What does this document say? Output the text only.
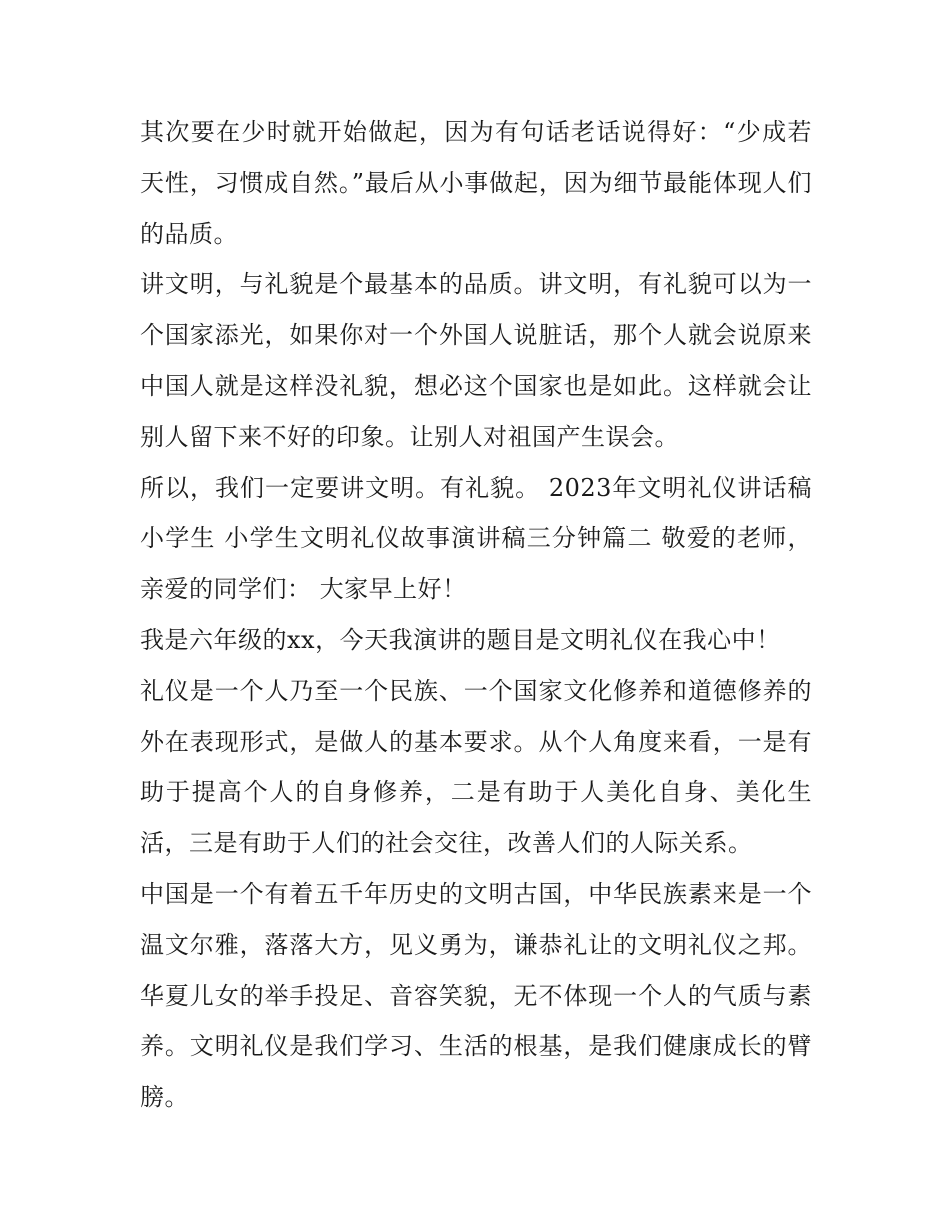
其次要在少时就开始做起，因为有句话老话说得好：“少成若天性，习惯成自然。”最后从小事做起，因为细节最能体现人们的品质。

讲文明，与礼貌是个最基本的品质。讲文明，有礼貌可以为一个国家添光，如果你对一个外国人说脏话，那个人就会说原来中国人就是这样没礼貌，想必这个国家也是如此。这样就会让别人留下来不好的印象。让别人对祖国产生误会。

所以，我们一定要讲文明。有礼貌。 2023年文明礼仪讲话稿小学生 小学生文明礼仪故事演讲稿三分钟篇二 敬爱的老师，亲爱的同学们： 大家早上好！

我是六年级的xx，今天我演讲的题目是文明礼仪在我心中！

礼仪是一个人乃至一个民族、一个国家文化修养和道德修养的外在表现形式，是做人的基本要求。从个人角度来看，一是有助于提高个人的自身修养，二是有助于人美化自身、美化生活，三是有助于人们的社会交往，改善人们的人际关系。

中国是一个有着五千年历史的文明古国，中华民族素来是一个温文尔雅，落落大方，见义勇为，谦恭礼让的文明礼仪之邦。华夏儿女的举手投足、音容笑貌，无不体现一个人的气质与素养。文明礼仪是我们学习、生活的根基，是我们健康成长的臂膀。
